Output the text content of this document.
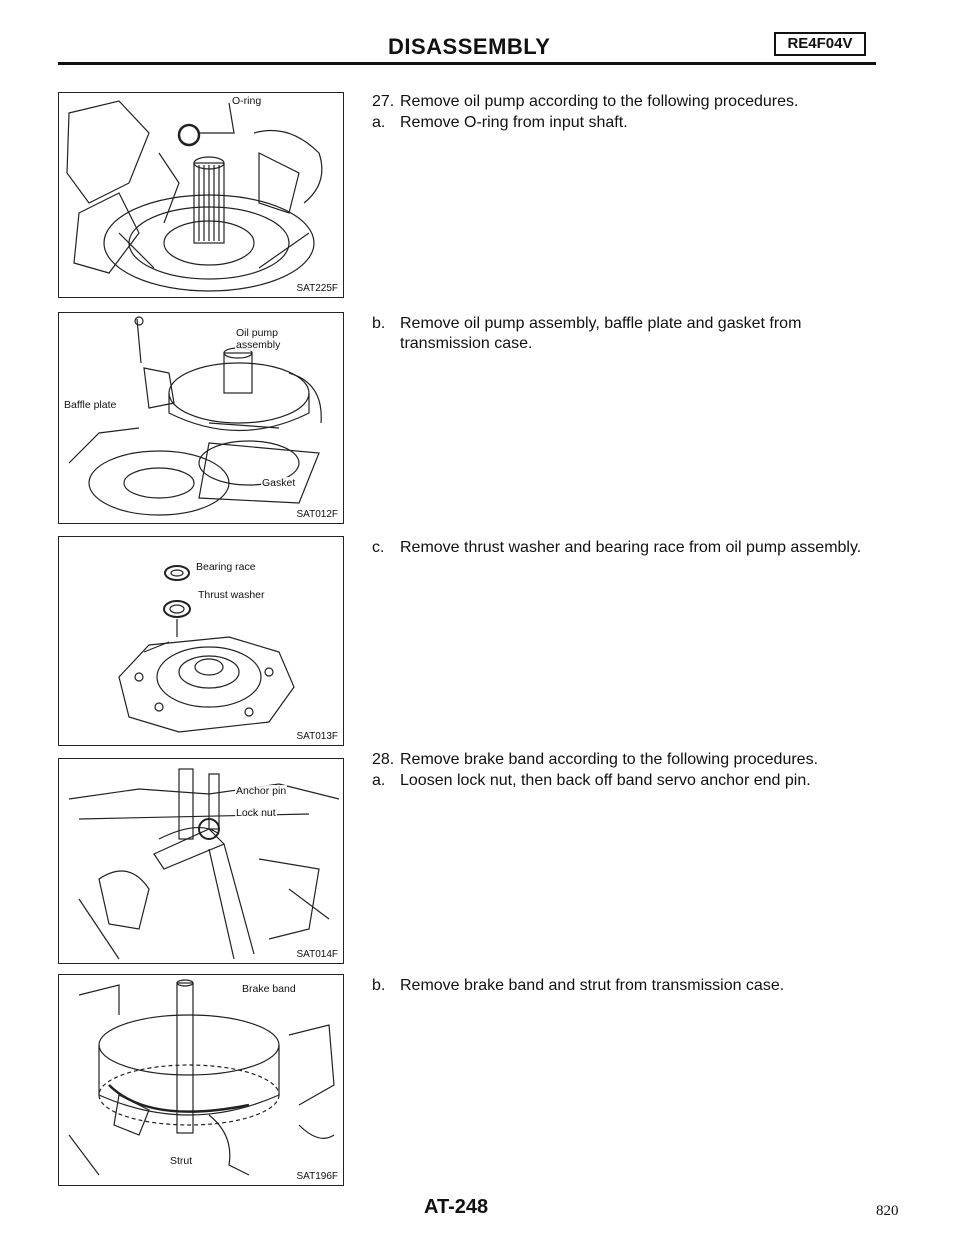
DISASSEMBLY	RE4F04V
O-ring
SAT225F
Oil pump
assembly
Baffle plate
Gasket
SAT012F
Bearing race
Thrust washer
SAT013F
Anchor pin
Lock nut
SAT014F
Brake band
Strut
SAT196F
27. Remove oil pump according to the following procedures.
a. Remove O-ring from input shaft.
b. Remove oil pump assembly, baffle plate and gasket from transmission case.
c. Remove thrust washer and bearing race from oil pump assembly.
28. Remove brake band according to the following procedures.
a. Loosen lock nut, then back off band servo anchor end pin.
b. Remove brake band and strut from transmission case.
AT-248	820
